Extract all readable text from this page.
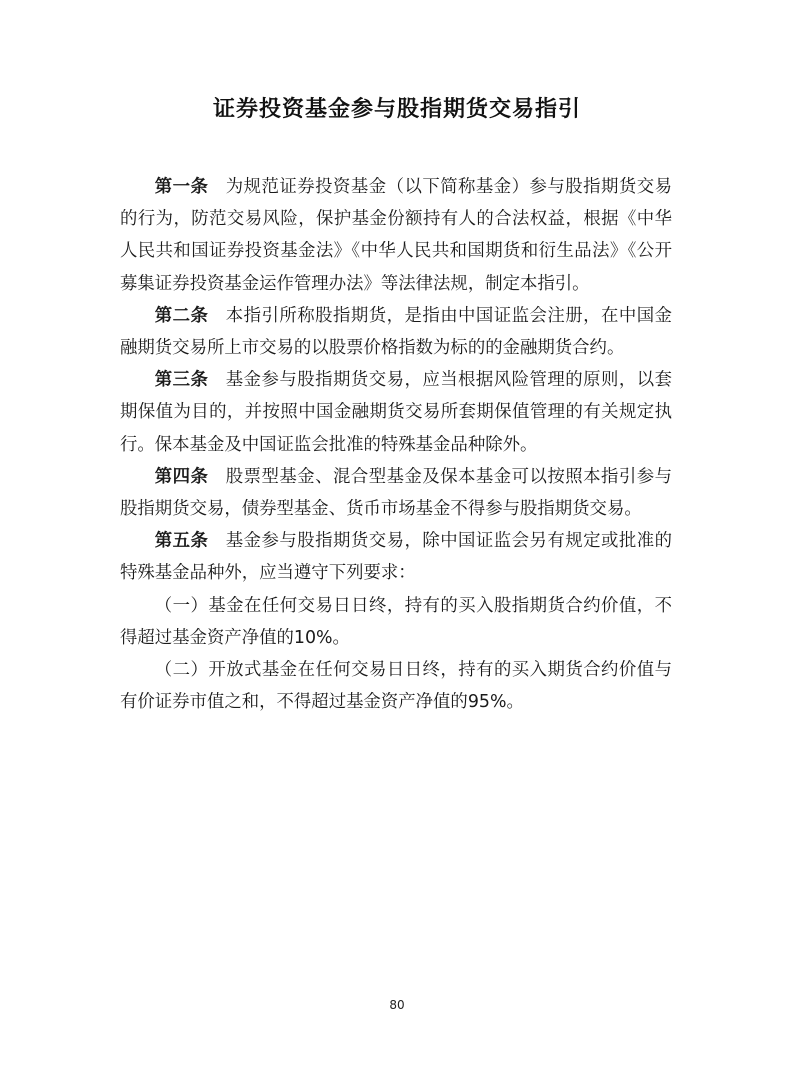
证券投资基金参与股指期货交易指引

第一条 为规范证券投资基金（以下简称基金）参与股指期货交易的行为，防范交易风险，保护基金份额持有人的合法权益，根据《中华人民共和国证券投资基金法》《中华人民共和国期货和衍生品法》《公开募集证券投资基金运作管理办法》等法律法规，制定本指引。

第二条 本指引所称股指期货，是指由中国证监会注册，在中国金融期货交易所上市交易的以股票价格指数为标的的金融期货合约。

第三条 基金参与股指期货交易，应当根据风险管理的原则，以套期保值为目的，并按照中国金融期货交易所套期保值管理的有关规定执行。保本基金及中国证监会批准的特殊基金品种除外。

第四条 股票型基金、混合型基金及保本基金可以按照本指引参与股指期货交易，债券型基金、货币市场基金不得参与股指期货交易。

第五条 基金参与股指期货交易，除中国证监会另有规定或批准的特殊基金品种外，应当遵守下列要求：

（一）基金在任何交易日日终，持有的买入股指期货合约价值，不得超过基金资产净值的10%。

（二）开放式基金在任何交易日日终，持有的买入期货合约价值与有价证券市值之和，不得超过基金资产净值的95%。

80
